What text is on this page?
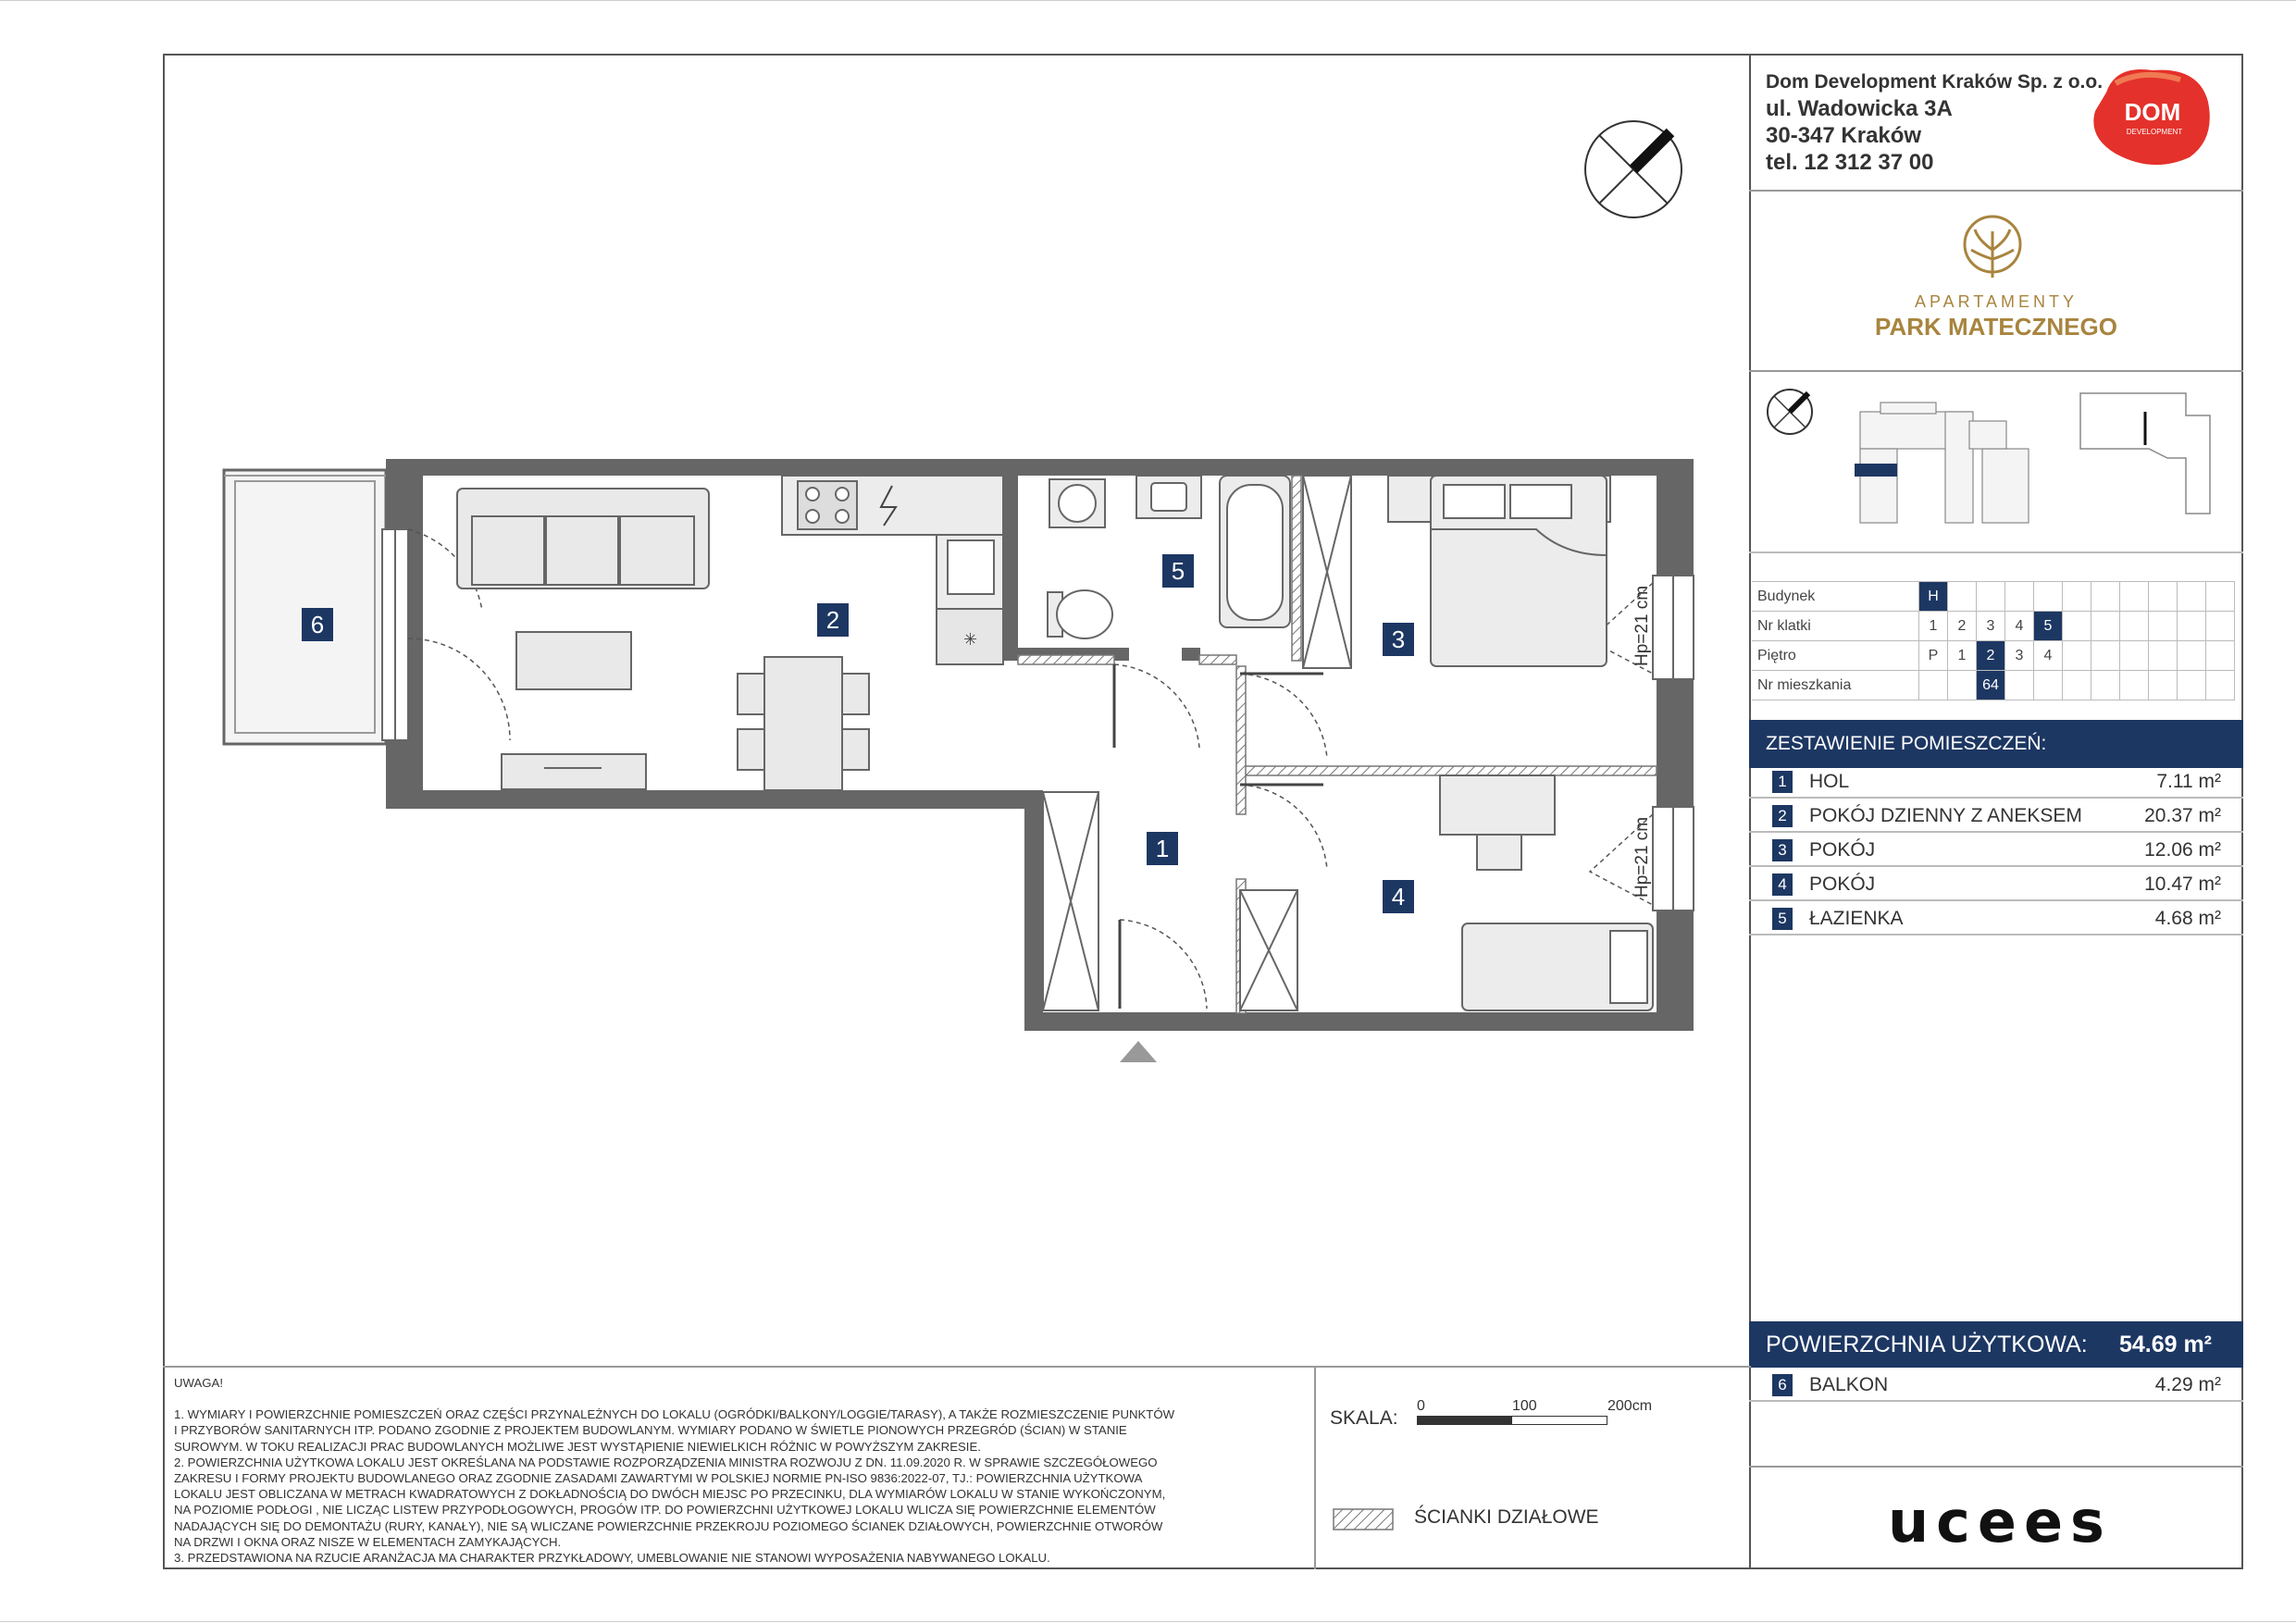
Hp=21 cm
Hp=21 cm
✳
1
2
3
4
5
6
Dom Development Kraków Sp. z o.o.
ul. Wadowicka 3A
30-347 Kraków
tel. 12 312 37 00
DOM
DEVELOPMENT
APARTAMENTY
PARK MATECZNEGO
Budynek	H										
Nr klatki	1	2	3	4	5						
Piętro	P	1	2	3	4						
Nr mieszkania			64								
ZESTAWIENIE POMIESZCZEŃ:
1 HOL	7.11 m²
2 POKÓJ DZIENNY Z ANEKSEM	20.37 m²
3 POKÓJ	12.06 m²
4 POKÓJ	10.47 m²
5 ŁAZIENKA	4.68 m²
POWIERZCHNIA UŻYTKOWA: 54.69 m²
6 BALKON	4.29 m²
ucees
UWAGA!
1. WYMIARY I POWIERZCHNIE POMIESZCZEŃ ORAZ CZĘŚCI PRZYNALEŻNYCH DO LOKALU (OGRÓDKI/BALKONY/LOGGIE/TARASY), A TAKŻE ROZMIESZCZENIE PUNKTÓW
I PRZYBORÓW SANITARNYCH ITP. PODANO ZGODNIE Z PROJEKTEM BUDOWLANYM. WYMIARY PODANO W ŚWIETLE PIONOWYCH PRZEGRÓD (ŚCIAN) W STANIE
SUROWYM. W TOKU REALIZACJI PRAC BUDOWLANYCH MOŻLIWE JEST WYSTĄPIENIE NIEWIELKICH RÓŻNIC W POWYŻSZYM ZAKRESIE.
2. POWIERZCHNIA UŻYTKOWA LOKALU JEST OKREŚLANA NA PODSTAWIE ROZPORZĄDZENIA MINISTRA ROZWOJU Z DN. 11.09.2020 R. W SPRAWIE SZCZEGÓŁOWEGO
ZAKRESU I FORMY PROJEKTU BUDOWLANEGO ORAZ ZGODNIE ZASADAMI ZAWARTYMI W POLSKIEJ NORMIE PN-ISO 9836:2022-07, TJ.: POWIERZCHNIA UŻYTKOWA
LOKALU JEST OBLICZANA W METRACH KWADRATOWYCH Z DOKŁADNOŚCIĄ DO DWÓCH MIEJSC PO PRZECINKU, DLA WYMIARÓW LOKALU W STANIE WYKOŃCZONYM,
NA POZIOMIE PODŁOGI , NIE LICZĄC LISTEW PRZYPODŁOGOWYCH, PROGÓW ITP. DO POWIERZCHNI UŻYTKOWEJ LOKALU WLICZA SIĘ POWIERZCHNIE ELEMENTÓW
NADAJĄCYCH SIĘ DO DEMONTAŻU (RURY, KANAŁY), NIE SĄ WLICZANE POWIERZCHNIE PRZEKROJU POZIOMEGO ŚCIANEK DZIAŁOWYCH, POWIERZCHNIE OTWORÓW
NA DRZWI I OKNA ORAZ NISZE W ELEMENTACH ZAMYKAJĄCYCH.
3. PRZEDSTAWIONA NA RZUCIE ARANŻACJA MA CHARAKTER PRZYKŁADOWY, UMEBLOWANIE NIE STANOWI WYPOSAŻENIA NABYWANEGO LOKALU.
SKALA:
0	100	200cm
ŚCIANKI DZIAŁOWE
